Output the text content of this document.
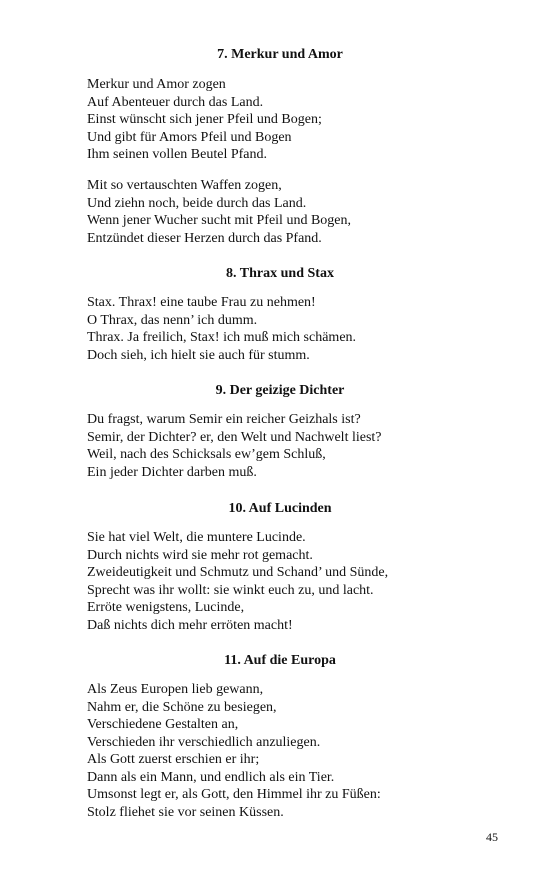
7. Merkur und Amor
Merkur und Amor zogen
Auf Abenteuer durch das Land.
Einst wünscht sich jener Pfeil und Bogen;
Und gibt für Amors Pfeil und Bogen
Ihm seinen vollen Beutel Pfand.
Mit so vertauschten Waffen zogen,
Und ziehn noch, beide durch das Land.
Wenn jener Wucher sucht mit Pfeil und Bogen,
Entzündet dieser Herzen durch das Pfand.
8. Thrax und Stax
Stax. Thrax! eine taube Frau zu nehmen!
O Thrax, das nenn’ ich dumm.
Thrax. Ja freilich, Stax! ich muß mich schämen.
Doch sieh, ich hielt sie auch für stumm.
9. Der geizige Dichter
Du fragst, warum Semir ein reicher Geizhals ist?
Semir, der Dichter? er, den Welt und Nachwelt liest?
Weil, nach des Schicksals ew’gem Schluß,
Ein jeder Dichter darben muß.
10. Auf Lucinden
Sie hat viel Welt, die muntere Lucinde.
Durch nichts wird sie mehr rot gemacht.
Zweideutigkeit und Schmutz und Schand’ und Sünde,
Sprecht was ihr wollt: sie winkt euch zu, und lacht.
Erröte wenigstens, Lucinde,
Daß nichts dich mehr erröten macht!
11. Auf die Europa
Als Zeus Europen lieb gewann,
Nahm er, die Schöne zu besiegen,
Verschiedene Gestalten an,
Verschieden ihr verschiedlich anzuliegen.
Als Gott zuerst erschien er ihr;
Dann als ein Mann, und endlich als ein Tier.
Umsonst legt er, als Gott, den Himmel ihr zu Füßen:
Stolz fliehet sie vor seinen Küssen.
45
